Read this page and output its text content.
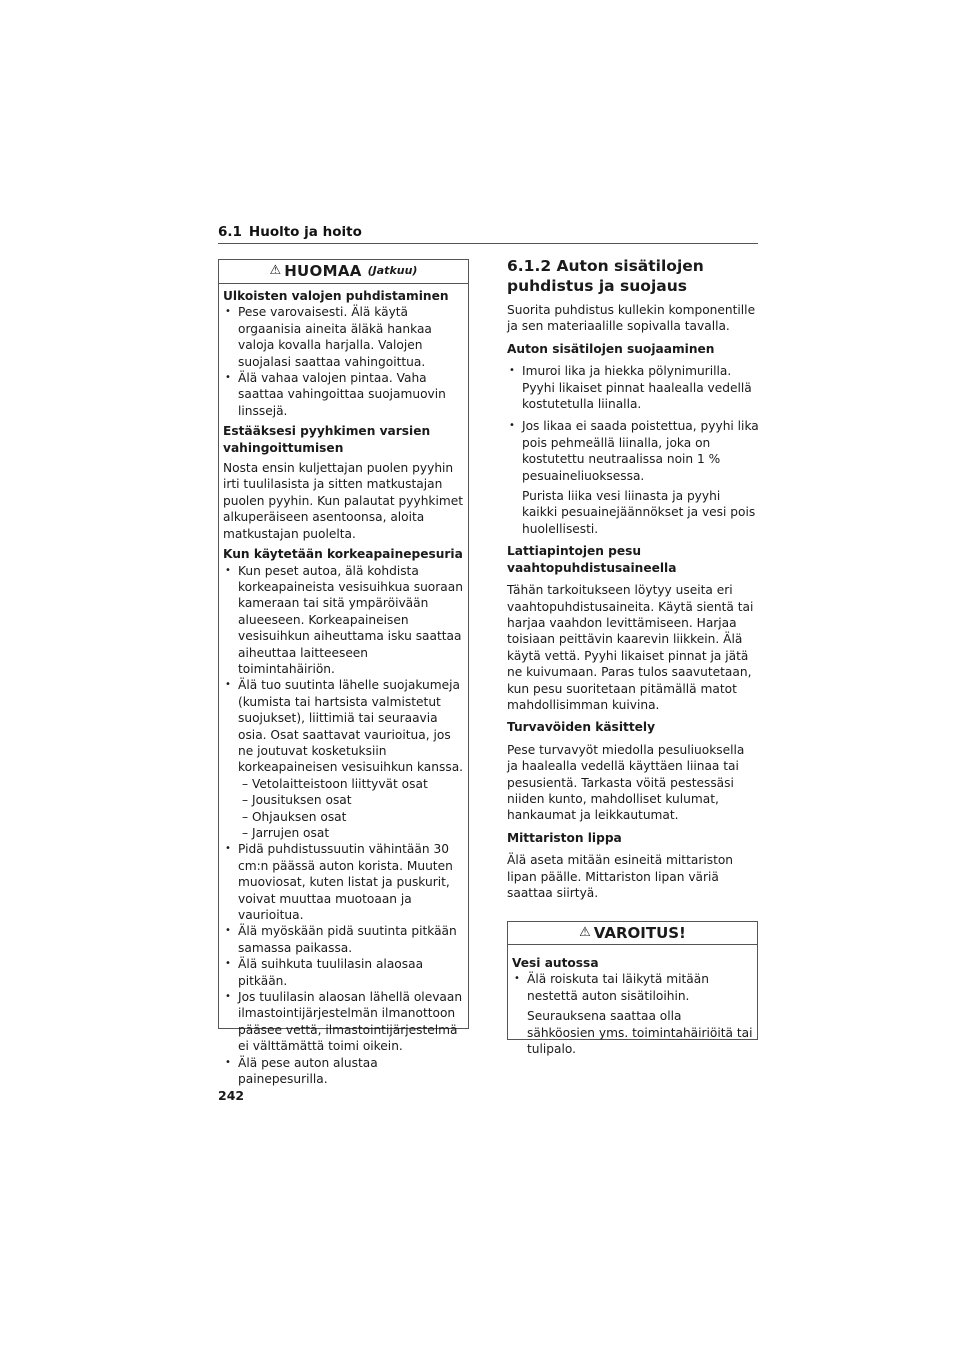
6.1 Huolto ja hoito
⚠ HUOMAA (Jatkuu)
Ulkoisten valojen puhdistaminen
• Pese varovaisesti. Älä käytä orgaanisia aineita äläkä hankaa valoja kovalla harjalla. Valojen suojalasi saattaa vahingoittua.
• Älä vahaa valojen pintaa. Vaha saattaa vahingoittaa suojamuovin linssejä.
Estääksesi pyyhkimen varsien vahingoittumisen
Nosta ensin kuljettajan puolen pyyhin irti tuulilasista ja sitten matkustajan puolen pyyhin. Kun palautat pyyhkimet alkuperäiseen asentoonsa, aloita matkustajan puolelta.
Kun käytetään korkeapainepesuria
• Kun peset autoa, älä kohdista korkeapaineista vesisuihkua suoraan kameraan tai sitä ympäröivään alueeseen. Korkeapaineisen vesisuihkun aiheuttama isku saattaa aiheuttaa laitteeseen toimintahäiriön.
• Älä tuo suutinta lähelle suojakumeja (kumista tai hartsista valmistetut suojukset), liittimiä tai seuraavia osia. Osat saattavat vaurioitua, jos ne joutuvat kosketuksiin korkeapaineisen vesisuihkun kanssa.
– Vetolaitteistoon liittyvät osat
– Jousituksen osat
– Ohjauksen osat
– Jarrujen osat
• Pidä puhdistussuutin vähintään 30 cm:n päässä auton korista. Muuten muoviosat, kuten listat ja puskurit, voivat muuttaa muotoaan ja vaurioitua.
• Älä myöskään pidä suutinta pitkään samassa paikassa.
• Älä suihkuta tuulilasin alaosaa pitkään.
• Jos tuulilasin alaosan lähellä olevaan ilmastointijärjestelmän ilmanottoon pääsee vettä, ilmastointijärjestelmä ei välttämättä toimi oikein.
• Älä pese auton alustaa painepesurilla.
6.1.2 Auton sisätilojen puhdistus ja suojaus
Suorita puhdistus kullekin komponentille ja sen materiaalille sopivalla tavalla.
Auton sisätilojen suojaaminen
• Imuroi lika ja hiekka pölynimurilla. Pyyhi likaiset pinnat haalealla vedellä kostutetulla liinalla.
• Jos likaa ei saada poistettua, pyyhi lika pois pehmeällä liinalla, joka on kostutettu neutraalissa noin 1 % pesuaineliuoksessa.
Purista liika vesi liinasta ja pyyhi kaikki pesuainejäännökset ja vesi pois huolellisesti.
Lattiapintojen pesu vaahtopuhdistusaineella
Tähän tarkoitukseen löytyy useita eri vaahtopuhdistusaineita. Käytä sientä tai harjaa vaahdon levittämiseen. Harjaa toisiaan peittävin kaarevin liikkein. Älä käytä vettä. Pyyhi likaiset pinnat ja jätä ne kuivumaan. Paras tulos saavutetaan, kun pesu suoritetaan pitämällä matot mahdollisimman kuivina.
Turvavöiden käsittely
Pese turvavyöt miedolla pesuliuoksella ja haalealla vedellä käyttäen liinaa tai pesusientä. Tarkasta vöitä pestessäsi niiden kunto, mahdolliset kulumat, hankaumat ja leikkautumat.
Mittariston lippa
Älä aseta mitään esineitä mittariston lipan päälle. Mittariston lipan väriä saattaa siirtyä.
⚠ VAROITUS!
Vesi autossa
• Älä roiskuta tai läikytä mitään nestettä auton sisätiloihin.
Seurauksena saattaa olla sähköosien yms. toimintahäiriöitä tai tulipalo.
242
